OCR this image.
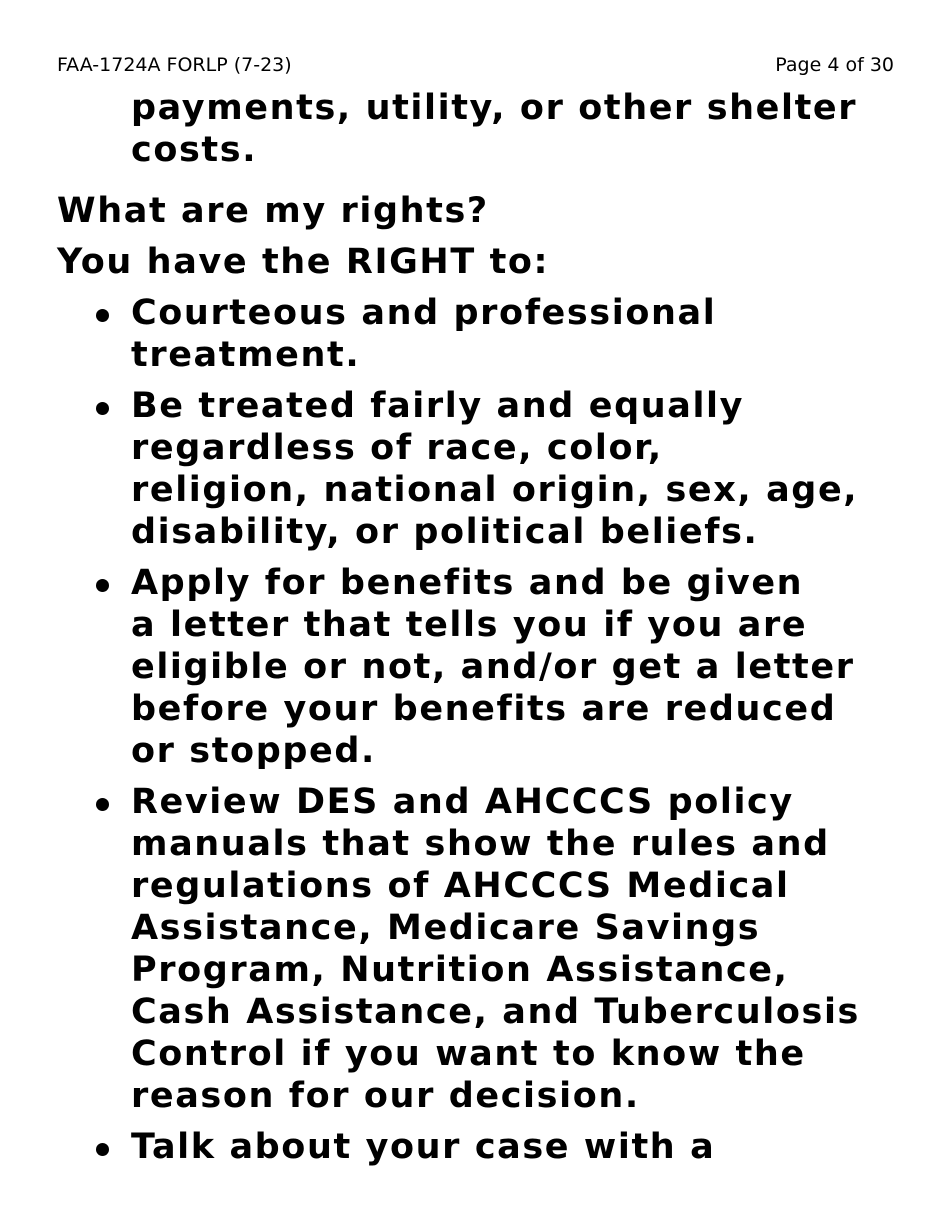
FAA-1724A FORLP (7-23)	Page 4 of 30

payments, utility, or other shelter
costs.

What are my rights?
You have the RIGHT to:
Courteous and professional
treatment.
Be treated fairly and equally
regardless of race, color,
religion, national origin, sex, age,
disability, or political beliefs.
Apply for benefits and be given
a letter that tells you if you are
eligible or not, and/or get a letter
before your benefits are reduced
or stopped.
Review DES and AHCCCS policy
manuals that show the rules and
regulations of AHCCCS Medical
Assistance, Medicare Savings
Program, Nutrition Assistance,
Cash Assistance, and Tuberculosis
Control if you want to know the
reason for our decision.
Talk about your case with a
